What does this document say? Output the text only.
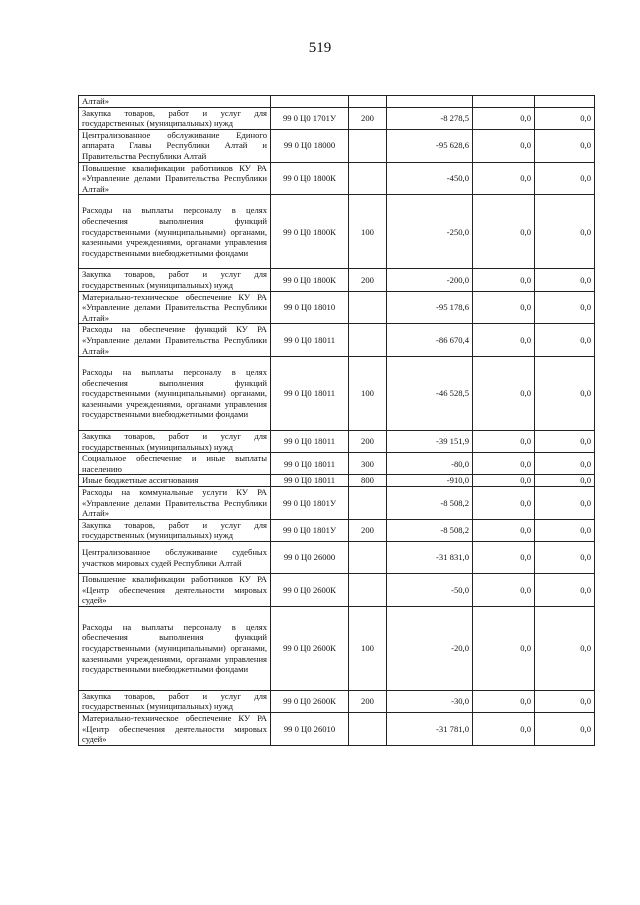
519
Алтай»					
Закупка товаров, работ и услуг для государственных (муниципальных) нужд	99 0 Ц0 1701У	200	-8 278,5	0,0	0,0
Централизованное обслуживание Единого аппарата Главы Республики Алтай и Правительства Республики Алтай	99 0 Ц0 18000		-95 628,6	0,0	0,0
Повышение квалификации работников КУ РА «Управление делами Правительства Республики Алтай»	99 0 Ц0 1800К		-450,0	0,0	0,0
Расходы на выплаты персоналу в целях обеспечения выполнения функций государственными (муниципальными) органами, казенными учреждениями, органами управления государственными внебюджетными фондами	99 0 Ц0 1800К	100	-250,0	0,0	0,0
Закупка товаров, работ и услуг для государственных (муниципальных) нужд	99 0 Ц0 1800К	200	-200,0	0,0	0,0
Материально-техническое обеспечение КУ РА «Управление делами Правительства Республики Алтай»	99 0 Ц0 18010		-95 178,6	0,0	0,0
Расходы на обеспечение функций КУ РА «Управление делами Правительства Республики Алтай»	99 0 Ц0 18011		-86 670,4	0,0	0,0
Расходы на выплаты персоналу в целях обеспечения выполнения функций государственными (муниципальными) органами, казенными учреждениями, органами управления государственными внебюджетными фондами	99 0 Ц0 18011	100	-46 528,5	0,0	0,0
Закупка товаров, работ и услуг для государственных (муниципальных) нужд	99 0 Ц0 18011	200	-39 151,9	0,0	0,0
Социальное обеспечение и иные выплаты населению	99 0 Ц0 18011	300	-80,0	0,0	0,0
Иные бюджетные ассигнования	99 0 Ц0 18011	800	-910,0	0,0	0,0
Расходы на коммунальные услуги КУ РА «Управление делами Правительства Республики Алтай»	99 0 Ц0 1801У		-8 508,2	0,0	0,0
Закупка товаров, работ и услуг для государственных (муниципальных) нужд	99 0 Ц0 1801У	200	-8 508,2	0,0	0,0
Централизованное обслуживание судебных участков мировых судей Республики Алтай	99 0 Ц0 26000		-31 831,0	0,0	0,0
Повышение квалификации работников КУ РА «Центр обеспечения деятельности мировых судей»	99 0 Ц0 2600К		-50,0	0,0	0,0
Расходы на выплаты персоналу в целях обеспечения выполнения функций государственными (муниципальными) органами, казенными учреждениями, органами управления государственными внебюджетными фондами	99 0 Ц0 2600К	100	-20,0	0,0	0,0
Закупка товаров, работ и услуг для государственных (муниципальных) нужд	99 0 Ц0 2600К	200	-30,0	0,0	0,0
Материально-техническое обеспечение КУ РА «Центр обеспечения деятельности мировых судей»	99 0 Ц0 26010		-31 781,0	0,0	0,0
